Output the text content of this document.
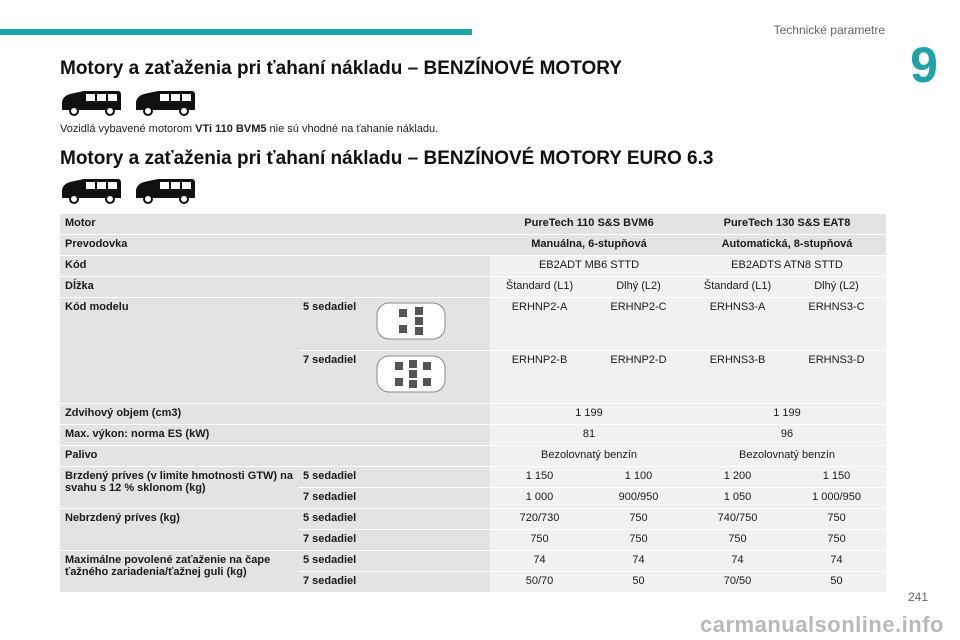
Technické parametre
9
Motory a zaťaženia pri ťahaní nákladu – BENZÍNOVÉ MOTORY
Vozidlá vybavené motorom VTi 110 BVM5 nie sú vhodné na ťahanie nákladu.
Motory a zaťaženia pri ťahaní nákladu – BENZÍNOVÉ MOTORY EURO 6.3
Motor			PureTech 110 S&S BVM6		PureTech 130 S&S EAT8	
Prevodovka			Manuálna, 6-stupňová		Automatická, 8-stupňová	
Kód			EB2ADT MB6 STTD		EB2ADTS ATN8 STTD	
Dĺžka			Štandard (L1)	Dlhý (L2)	Štandard (L1)	Dlhý (L2)
Kód modelu	5 sedadiel		ERHNP2-A	ERHNP2-C	ERHNS3-A	ERHNS3-C
	7 sedadiel		ERHNP2-B	ERHNP2-D	ERHNS3-B	ERHNS3-D
Zdvihový objem (cm3)			1 199		1 199	
Max. výkon: norma ES (kW)			81		96	
Palivo			Bezolovnatý benzín		Bezolovnatý benzín	
Brzdený príves (v limite hmotnosti GTW) na svahu s 12 % sklonom (kg)	5 sedadiel		1 150	1 100	1 200	1 150
	7 sedadiel		1 000	900/950	1 050	1 000/950
Nebrzdený príves (kg)	5 sedadiel		720/730	750	740/750	750
	7 sedadiel		750	750	750	750
Maximálne povolené zaťaženie na čape ťažného zariadenia/ťažnej guli (kg)	5 sedadiel		74	74	74	74
	7 sedadiel		50/70	50	70/50	50
241
carmanualsonline.info
